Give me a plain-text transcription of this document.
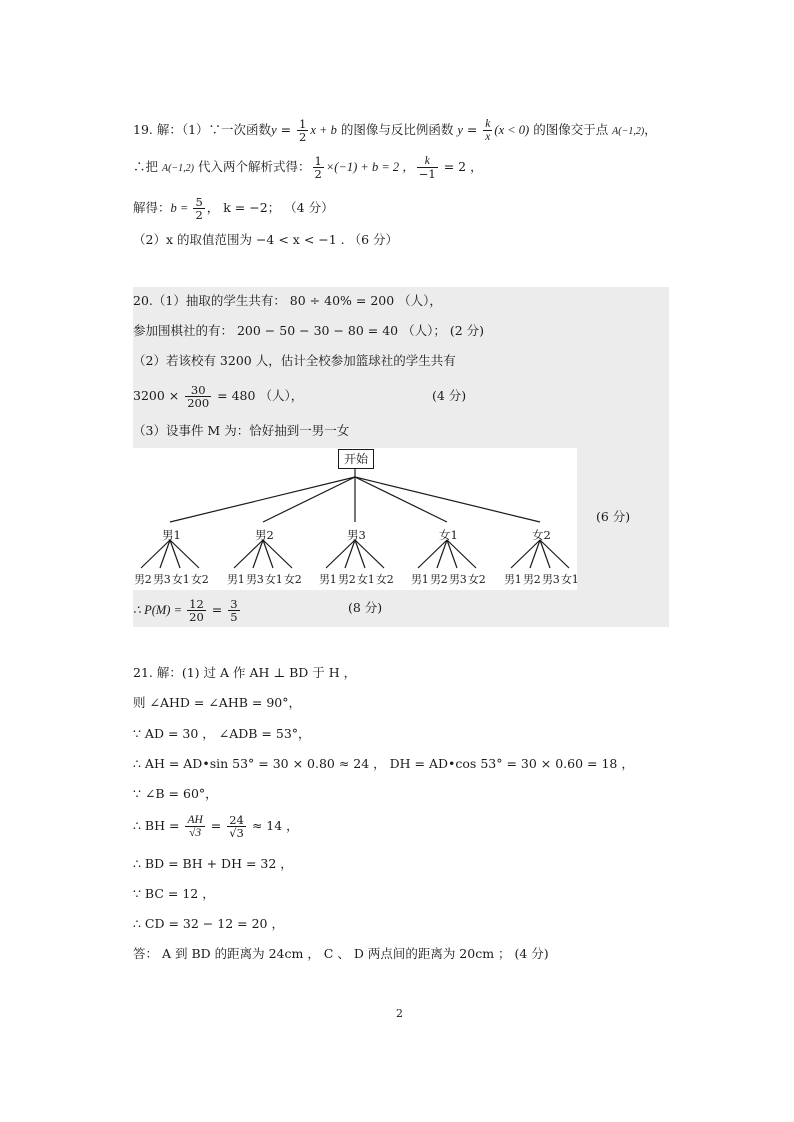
19. 解：（1）∵一次函数$y = \frac{1}{2}$ x + b 的图像与反比例函数 $y = \frac{k}{x} (x < 0)$ 的图像交于点 A(−1,2)，
∴把 A(−1,2) 代入两个解析式得： $\frac{1}{2} \times(-1) + b = 2$ ， $\frac{k}{-1} = 2$ ，
解得：$b = \frac{5}{2}$ ， k = −2； （4 分）
（2）x 的取值范围为 −4 < x < −1 . （6 分）
20.（1）抽取的学生共有： 80 ÷ 40% = 200 （人），
参加围棋社的有： 200 − 50 − 30 − 80 = 40 （人）； (2 分)
（2）若该校有 3200 人，估计全校参加篮球社的学生共有
$3200 \times \frac{30}{200} = 480$ （人），	(4 分)
（3）设事件 M 为：恰好抽到一男一女
开始
男1	男2	男3	女1	女2
男2 男3 女1 女2 男1 男3 女1 女2 男1 男2 女1 女2 男1 男2 男3 女2 男1 男2 男3 女1
(6 分)
∴ $P(M) = \frac{12}{20} = \frac{3}{5}$	(8 分)
21. 解：(1) 过 A 作 AH ⊥ BD 于 H ，
则 ∠AHD = ∠AHB = 90°，
∵ AD = 30 ， ∠ADB = 53°，
∴ AH = AD•sin 53° = 30 × 0.80 ≈ 24 ， DH = AD•cos 53° = 30 × 0.60 = 18 ，
∵ ∠B = 60°，
∴ BH = $\frac{AH}{√3} = \frac{24}{√3} \approx 14$ ，
∴ BD = BH + DH = 32 ，
∵ BC = 12 ，
∴ CD = 32 − 12 = 20 ，
答： A 到 BD 的距离为 24cm ， C 、 D 两点间的距离为 20cm ； (4 分)
2
